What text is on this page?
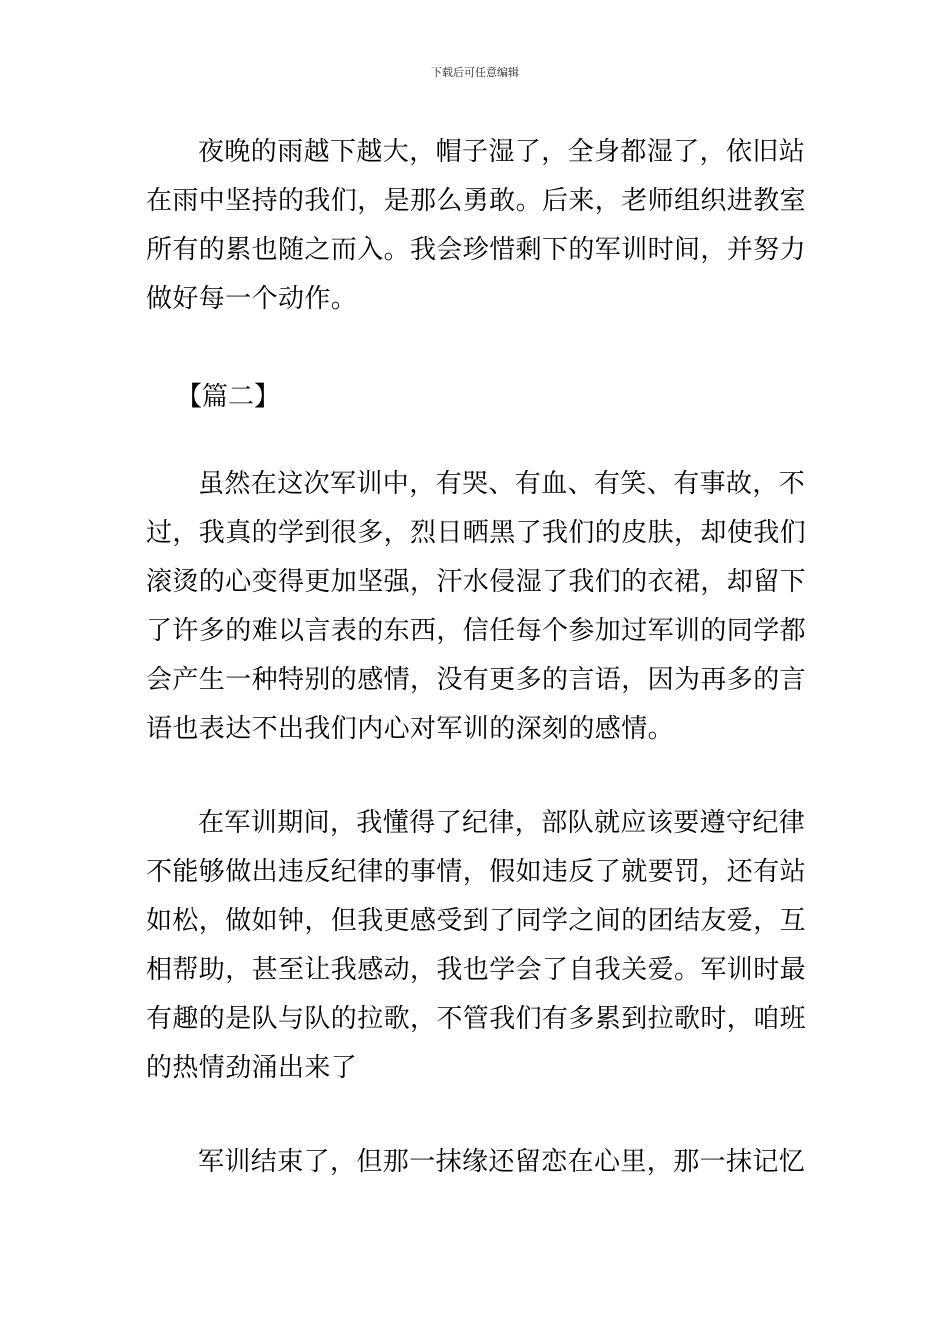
下载后可任意编辑

夜晚的雨越下越大，帽子湿了，全身都湿了，依旧站在雨中坚持的我们，是那么勇敢。后来，老师组织进教室所有的累也随之而入。我会珍惜剩下的军训时间，并努力做好每一个动作。

【篇二】

虽然在这次军训中，有哭、有血、有笑、有事故，不过，我真的学到很多，烈日晒黑了我们的皮肤，却使我们滚烫的心变得更加坚强，汗水侵湿了我们的衣裙，却留下了许多的难以言表的东西，信任每个参加过军训的同学都会产生一种特别的感情，没有更多的言语，因为再多的言语也表达不出我们内心对军训的深刻的感情。

在军训期间，我懂得了纪律，部队就应该要遵守纪律不能够做出违反纪律的事情，假如违反了就要罚，还有站如松，做如钟，但我更感受到了同学之间的团结友爱，互相帮助，甚至让我感动，我也学会了自我关爱。军训时最有趣的是队与队的拉歌，不管我们有多累到拉歌时，咱班的热情劲涌出来了

军训结束了，但那一抹缘还留恋在心里，那一抹记忆
